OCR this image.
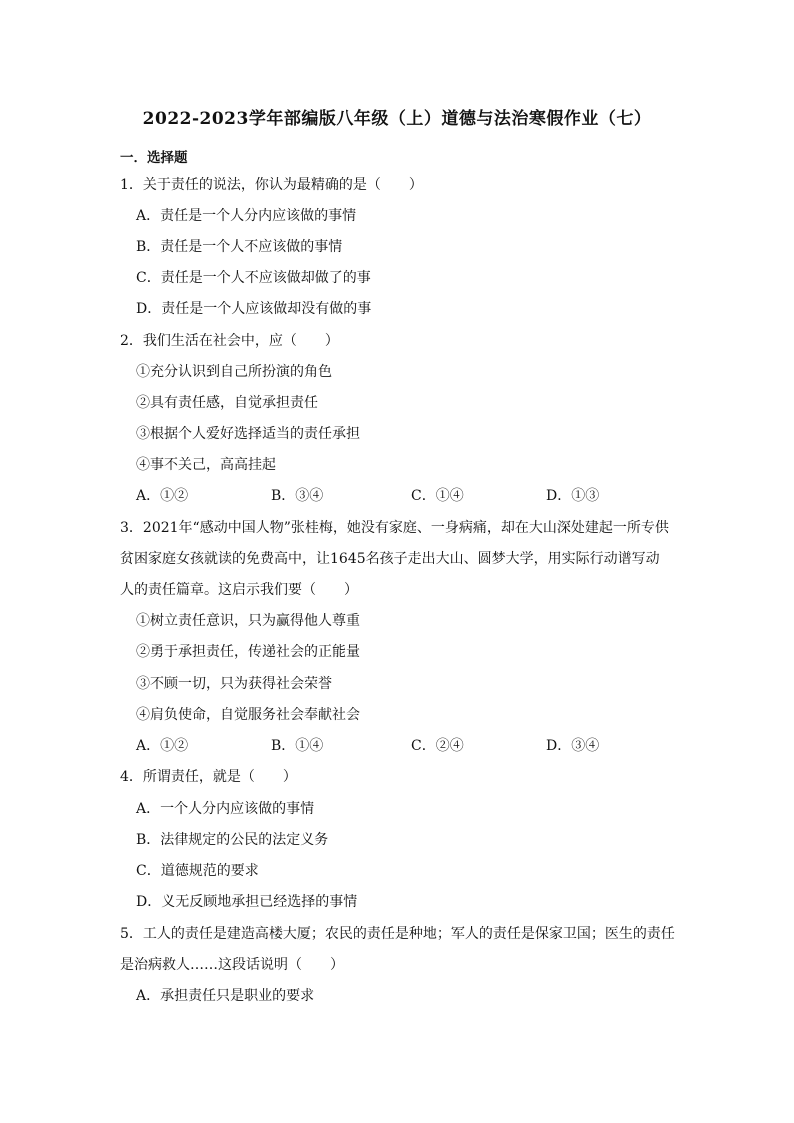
2022-2023学年部编版八年级（上）道德与法治寒假作业（七）
一．选择题
1．关于责任的说法，你认为最精确的是（　　）
A．责任是一个人分内应该做的事情
B．责任是一个人不应该做的事情
C．责任是一个人不应该做却做了的事
D．责任是一个人应该做却没有做的事
2．我们生活在社会中，应（　　）
①充分认识到自己所扮演的角色
②具有责任感，自觉承担责任
③根据个人爱好选择适当的责任承担
④事不关己，高高挂起
A．①②	B．③④	C．①④	D．①③
3．2021年“感动中国人物”张桂梅，她没有家庭、一身病痛，却在大山深处建起一所专供
贫困家庭女孩就读的免费高中，让1645名孩子走出大山、圆梦大学，用实际行动谱写动
人的责任篇章。这启示我们要（　　）
①树立责任意识，只为赢得他人尊重
②勇于承担责任，传递社会的正能量
③不顾一切，只为获得社会荣誉
④肩负使命，自觉服务社会奉献社会
A．①②	B．①④	C．②④	D．③④
4．所谓责任，就是（　　）
A．一个人分内应该做的事情
B．法律规定的公民的法定义务
C．道德规范的要求
D．义无反顾地承担已经选择的事情
5．工人的责任是建造高楼大厦；农民的责任是种地；军人的责任是保家卫国；医生的责任
是治病救人……这段话说明（　　）
A．承担责任只是职业的要求
